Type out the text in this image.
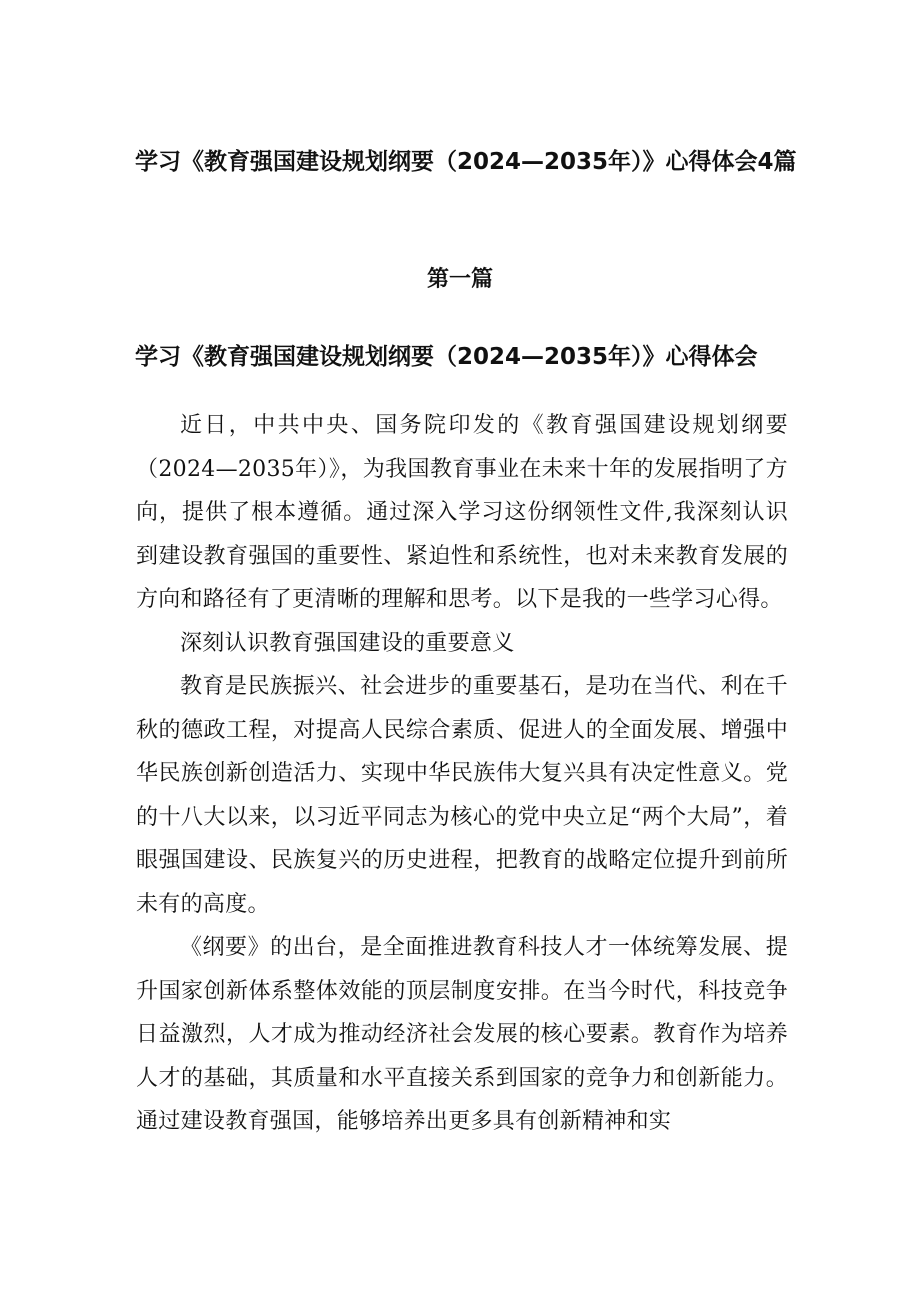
学习《教育强国建设规划纲要（2024—2035年）》心得体会4篇
第一篇
学习《教育强国建设规划纲要（2024—2035年）》心得体会

近日，中共中央、国务院印发的《教育强国建设规划纲要（2024—2035年）》，为我国教育事业在未来十年的发展指明了方向，提供了根本遵循。通过深入学习这份纲领性文件,我深刻认识到建设教育强国的重要性、紧迫性和系统性，也对未来教育发展的方向和路径有了更清晰的理解和思考。以下是我的一些学习心得。

深刻认识教育强国建设的重要意义

教育是民族振兴、社会进步的重要基石，是功在当代、利在千秋的德政工程，对提高人民综合素质、促进人的全面发展、增强中华民族创新创造活力、实现中华民族伟大复兴具有决定性意义。党的十八大以来，以习近平同志为核心的党中央立足“两个大局”，着眼强国建设、民族复兴的历史进程，把教育的战略定位提升到前所未有的高度。

《纲要》的出台，是全面推进教育科技人才一体统筹发展、提升国家创新体系整体效能的顶层制度安排。在当今时代，科技竞争日益激烈，人才成为推动经济社会发展的核心要素。教育作为培养人才的基础，其质量和水平直接关系到国家的竞争力和创新能力。通过建设教育强国，能够培养出更多具有创新精神和实
